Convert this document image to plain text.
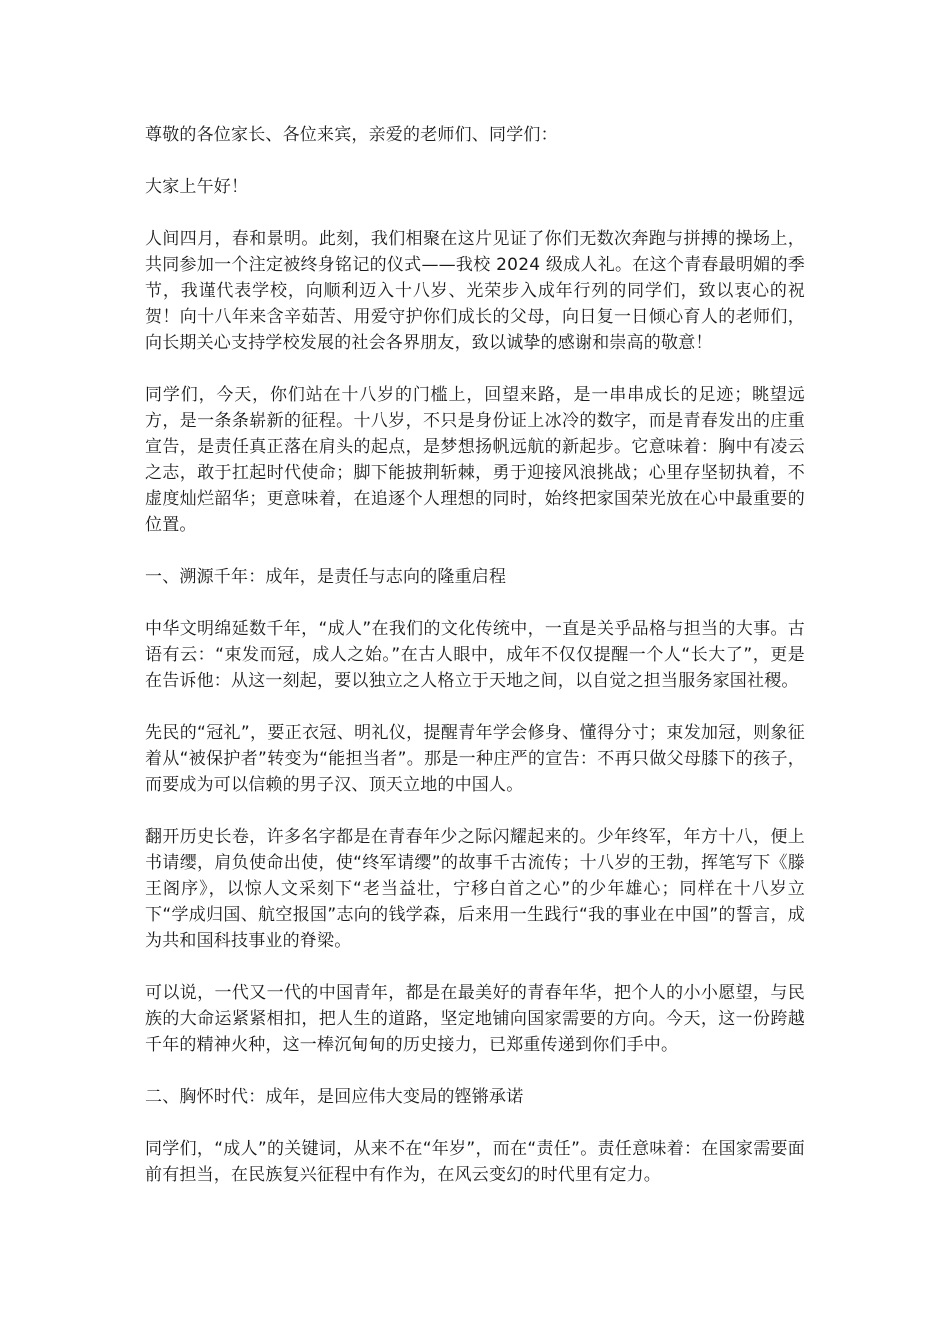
尊敬的各位家长、各位来宾，亲爱的老师们、同学们：

大家上午好！

人间四月，春和景明。此刻，我们相聚在这片见证了你们无数次奔跑与拼搏的操场上，共同参加一个注定被终身铭记的仪式——我校 2024 级成人礼。在这个青春最明媚的季节，我谨代表学校，向顺利迈入十八岁、光荣步入成年行列的同学们，致以衷心的祝贺！向十八年来含辛茹苦、用爱守护你们成长的父母，向日复一日倾心育人的老师们，向长期关心支持学校发展的社会各界朋友，致以诚挚的感谢和崇高的敬意！

同学们，今天，你们站在十八岁的门槛上，回望来路，是一串串成长的足迹；眺望远方，是一条条崭新的征程。十八岁，不只是身份证上冰冷的数字，而是青春发出的庄重宣告，是责任真正落在肩头的起点，是梦想扬帆远航的新起步。它意味着：胸中有凌云之志，敢于扛起时代使命；脚下能披荆斩棘，勇于迎接风浪挑战；心里存坚韧执着，不虚度灿烂韶华；更意味着，在追逐个人理想的同时，始终把家国荣光放在心中最重要的位置。

一、溯源千年：成年，是责任与志向的隆重启程

中华文明绵延数千年，“成人”在我们的文化传统中，一直是关乎品格与担当的大事。古语有云：“束发而冠，成人之始。”在古人眼中，成年不仅仅提醒一个人“长大了”，更是在告诉他：从这一刻起，要以独立之人格立于天地之间，以自觉之担当服务家国社稷。

先民的“冠礼”，要正衣冠、明礼仪，提醒青年学会修身、懂得分寸；束发加冠，则象征着从“被保护者”转变为“能担当者”。那是一种庄严的宣告：不再只做父母膝下的孩子，而要成为可以信赖的男子汉、顶天立地的中国人。

翻开历史长卷，许多名字都是在青春年少之际闪耀起来的。少年终军，年方十八，便上书请缨，肩负使命出使，使“终军请缨”的故事千古流传；十八岁的王勃，挥笔写下《滕王阁序》，以惊人文采刻下“老当益壮，宁移白首之心”的少年雄心；同样在十八岁立下“学成归国、航空报国”志向的钱学森，后来用一生践行“我的事业在中国”的誓言，成为共和国科技事业的脊梁。

可以说，一代又一代的中国青年，都是在最美好的青春年华，把个人的小小愿望，与民族的大命运紧紧相扣，把人生的道路，坚定地铺向国家需要的方向。今天，这一份跨越千年的精神火种，这一棒沉甸甸的历史接力，已郑重传递到你们手中。

二、胸怀时代：成年，是回应伟大变局的铿锵承诺

同学们，“成人”的关键词，从来不在“年岁”，而在“责任”。责任意味着：在国家需要面前有担当，在民族复兴征程中有作为，在风云变幻的时代里有定力。
